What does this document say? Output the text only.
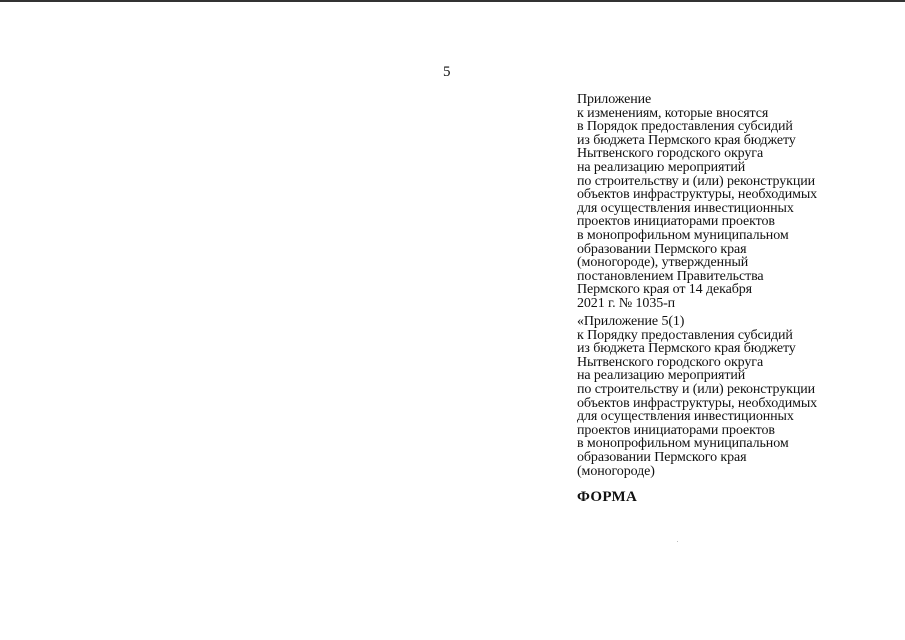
5
Приложение
к изменениям, которые вносятся
в Порядок предоставления субсидий
из бюджета Пермского края бюджету
Нытвенского городского округа
на реализацию мероприятий
по строительству и (или) реконструкции
объектов инфраструктуры, необходимых
для осуществления инвестиционных
проектов инициаторами проектов
в монопрофильном муниципальном
образовании Пермского края
(моногороде), утвержденный
постановлением Правительства
Пермского края от 14 декабря
2021 г. № 1035-п
«Приложение 5(1)
к Порядку предоставления субсидий
из бюджета Пермского края бюджету
Нытвенского городского округа
на реализацию мероприятий
по строительству и (или) реконструкции
объектов инфраструктуры, необходимых
для осуществления инвестиционных
проектов инициаторами проектов
в монопрофильном муниципальном
образовании Пермского края
(моногороде)
ФОРМА
